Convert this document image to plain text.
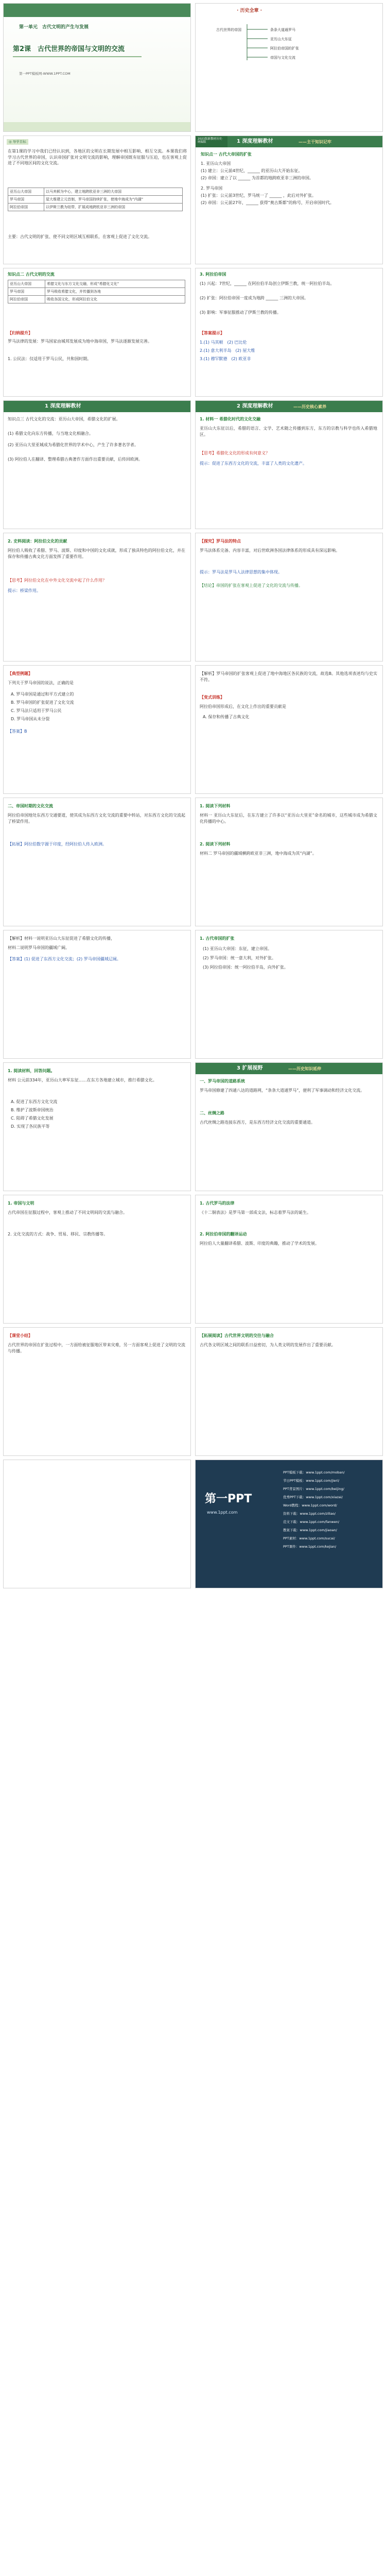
第一单元　古代文明的产生与发展
第2课　古代世界的帝国与文明的交流
第一PPT模板网-WWW.1PPT.COM
· 历史全章 ·
古代世界的帝国	条条大道通罗马
亚历山大东征
阿拉伯帝国的扩张
帝国与文化交流
◎ 导学目标
在第1课的学习中我们已经认识到，各地区的文明在长期发展中相互影响、相互交流。本课我们将学习古代世界的帝国，认识帝国扩张对文明交流的影响，理解帝国既有征服与压迫，也在客观上促进了不同地区间的文化交流。
亚历山大帝国	以马其顿为中心，建立地跨欧亚非三洲的大帝国
罗马帝国	屋大维建立元首制，罗马帝国持续扩张，使地中海成为“内湖”
阿拉伯帝国	以伊斯兰教为纽带，扩展成地跨欧亚非三洲的帝国
主要：古代文明的扩张、使不同文明区域互相联系，在客观上促进了文化交流。
2021版新教材历史·统编版	1 深度理解教材	——主干知识记牢
知识点一 古代大帝国的扩张
1. 亚历山大帝国
(1) 建立：公元前4世纪，______ 的亚历山大开始东征。
(2) 帝国：建立了以 ______ 为首都的地跨欧亚非三洲的帝国。
2. 罗马帝国
(1) 扩张：公元前3世纪，罗马统一了 ______ ，此后对外扩张。
(2) 帝国：公元前27年，______ 获得“奥古斯都”的称号，开启帝国时代。
知识点二 古代文明的交流
亚历山大帝国	希腊文化与东方文化交融，形成“希腊化文化”
罗马帝国	罗马吸收希腊文化，并传播到各地
阿拉伯帝国	吸收各国文化，形成阿拉伯文化
【归纳提升】
罗马法律的发展：罗马国家由城邦发展成为地中海帝国，罗马法逐渐发展完善。
1. 公民法：仅适用于罗马公民，共和国时期。
3. 阿拉伯帝国
(1) 兴起：7世纪，______ 在阿拉伯半岛创立伊斯兰教，统一阿拉伯半岛。
(2) 扩张：阿拉伯帝国一度成为地跨 ______ 三洲的大帝国。
(3) 影响：军事征服推动了伊斯兰教的传播。
【答案提示】
1.(1) 马其顿　(2) 巴比伦
2.(1) 意大利半岛　(2) 屋大维
3.(1) 穆罕默德　(2) 欧亚非
1 深度理解教材
知识点三 古代文化的交流：亚历山大帝国，希腊文化的扩展。
(1) 希腊文化向东方传播，与当地文化相融合。
(2) 亚历山大里亚城成为希腊化世界的学术中心，产生了许多著名学者。
(3) 阿拉伯人在翻译、整理希腊古典著作方面作出重要贡献，后传回欧洲。
2 深度理解教材	——历史核心素养
1. 材料一 希腊化时代的文化交融
亚历山大东征以后，希腊的语言、文学、艺术随之传播到东方，东方的宗教与科学也传入希腊地区。
【思考】希腊化文化的形成有何意义？
提示：促进了东西方文化的交流，丰富了人类的文化遗产。
2. 史料阅读：阿拉伯文化的贡献
阿拉伯人吸收了希腊、罗马、波斯、印度和中国的文化成就，形成了独具特色的阿拉伯文化，并在保存和传播古典文化方面发挥了重要作用。
【思考】阿拉伯文化在中外文化交流中起了什么作用？
提示：桥梁作用。
【探究】罗马法的特点
罗马法体系完备、内容丰富，对后世欧洲各国法律体系的形成具有深远影响。
提示：罗马法是罗马人法律思想的集中体现。
【结论】帝国的扩张在客观上促进了文化的交流与传播。
【典型例题】
下列关于罗马帝国的说法，正确的是
A. 罗马帝国是通过和平方式建立的
B. 罗马帝国的扩张促进了文化交流
C. 罗马法只适用于罗马公民
D. 罗马帝国从未分裂
【答案】B
【解析】罗马帝国的扩张客观上促进了地中海地区各民族的交流，故选B。其他选项表述均与史实不符。
【变式训练】
阿拉伯帝国形成后，在文化上作出的重要贡献是
A. 保存和传播了古典文化
二、帝国时期的文化交流
阿拉伯帝国地处东西方交通要道，使其成为东西方文化交流的重要中转站，对东西方文化的交流起了桥梁作用。
【拓展】阿拉伯数字源于印度，经阿拉伯人传入欧洲。
1. 阅读下列材料
材料一 亚历山大东征后，在东方建立了许多以“亚历山大里亚”命名的城市，这些城市成为希腊文化传播的中心。
2. 阅读下列材料
材料二 罗马帝国的疆域横跨欧亚非三洲，地中海成为其“内湖”。
【解析】材料一说明亚历山大东征促进了希腊文化的传播，
材料二说明罗马帝国的疆域广阔。
【答案】(1) 促进了东西方文化交流；(2) 罗马帝国疆域辽阔。
1. 古代帝国的扩张
(1) 亚历山大帝国：东征，建立帝国。
(2) 罗马帝国：统一意大利，对外扩张。
(3) 阿拉伯帝国：统一阿拉伯半岛，向外扩张。
1. 阅读材料，回答问题。
材料 公元前334年，亚历山大率军东征……在东方各地建立城市，推行希腊文化。
A. 促进了东西方文化交流
B. 维护了波斯帝国统治
C. 阻碍了希腊文化发展
D. 实现了各民族平等
3 扩展视野	——历史知识延伸
一、罗马帝国的道路系统
罗马帝国修建了四通八达的道路网，“条条大道通罗马”，便利了军事调动和经济文化交流。
二、丝绸之路
古代丝绸之路连接东西方，是东西方经济文化交流的重要通道。
1. 帝国与文明
古代帝国在征服过程中，客观上推动了不同文明间的交流与融合。
2. 文化交流的方式：战争、贸易、移民、宗教传播等。
1. 古代罗马的法律
《十二铜表法》是罗马第一部成文法，标志着罗马法的诞生。
2. 阿拉伯帝国的翻译运动
阿拉伯人大量翻译希腊、波斯、印度的典籍，推动了学术的发展。
【课堂小结】
古代世界的帝国在扩张过程中，一方面给被征服地区带来灾难，另一方面客观上促进了文明的交流与传播。
【拓展阅读】古代世界文明的交往与融合
古代各文明区域之间的联系日益密切，为人类文明的发展作出了重要贡献。
第一PPT
www.1ppt.com
PPT模板下载：www.1ppt.com/moban/
节日PPT模板：www.1ppt.com/jieri/
PPT背景图片：www.1ppt.com/beijing/
优秀PPT下载：www.1ppt.com/xiazai/
Word教程：www.1ppt.com/word/
资料下载：www.1ppt.com/ziliao/
范文下载：www.1ppt.com/fanwen/
教案下载：www.1ppt.com/jiaoan/
PPT素材：www.1ppt.com/sucai/
PPT课件：www.1ppt.com/kejian/
